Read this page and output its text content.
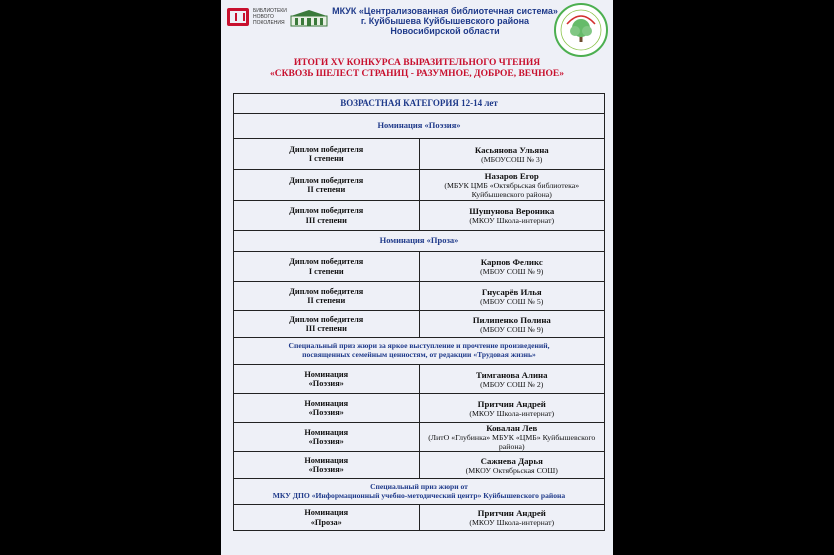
БИБЛИОТЕКИ
НОВОГО
ПОКОЛЕНИЯ
МКУК «Централизованная библиотечная система»
г. Куйбышева Куйбышевского района
Новосибирской области
ИТОГИ XV КОНКУРСА ВЫРАЗИТЕЛЬНОГО ЧТЕНИЯ
«СКВОЗЬ ШЕЛЕСТ СТРАНИЦ - РАЗУМНОЕ, ДОБРОЕ, ВЕЧНОЕ»
ВОЗРАСТНАЯ КАТЕГОРИЯ 12-14 лет	
Номинация «Поэзия»	
Диплом победителя
I степени	Касьянова Ульяна
(МБОУСОШ № 3)

Диплом победителя
II степени	Назаров Егор
(МБУК ЦМБ «Октябрьская библиотека» Куйбышевского района)

Диплом победителя
III степени	Шушунова Вероника
(МКОУ Школа-интернат)

Номинация «Проза»	
Диплом победителя
I степени	Карпов Феликс
(МБОУ СОШ № 9)

Диплом победителя
II степени	Гнусарёв Илья
(МБОУ СОШ № 5)

Диплом победителя
III степени	Пилипенко Полина
(МБОУ СОШ № 9)

Специальный приз жюри за яркое выступление и прочтение произведений,
посвященных семейным ценностям, от редакции «Трудовая жизнь»	
Номинация
«Поэзия»	Тимганова Алина
(МБОУ СОШ № 2)

Номинация
«Поэзия»	Притчин Андрей
(МКОУ Школа-интернат)

Номинация
«Поэзия»	Ковалан Лев
(ЛитО «Глубинка» МБУК «ЦМБ» Куйбышевского района)

Номинация
«Поэзия»	Сажнева Дарья
(МКОУ Октябрьская СОШ)

Специальный приз жюри от
МКУ ДПО «Информационный учебно-методический центр» Куйбышевского района	
Номинация
«Проза»	Притчин Андрей
(МКОУ Школа-интернат)
